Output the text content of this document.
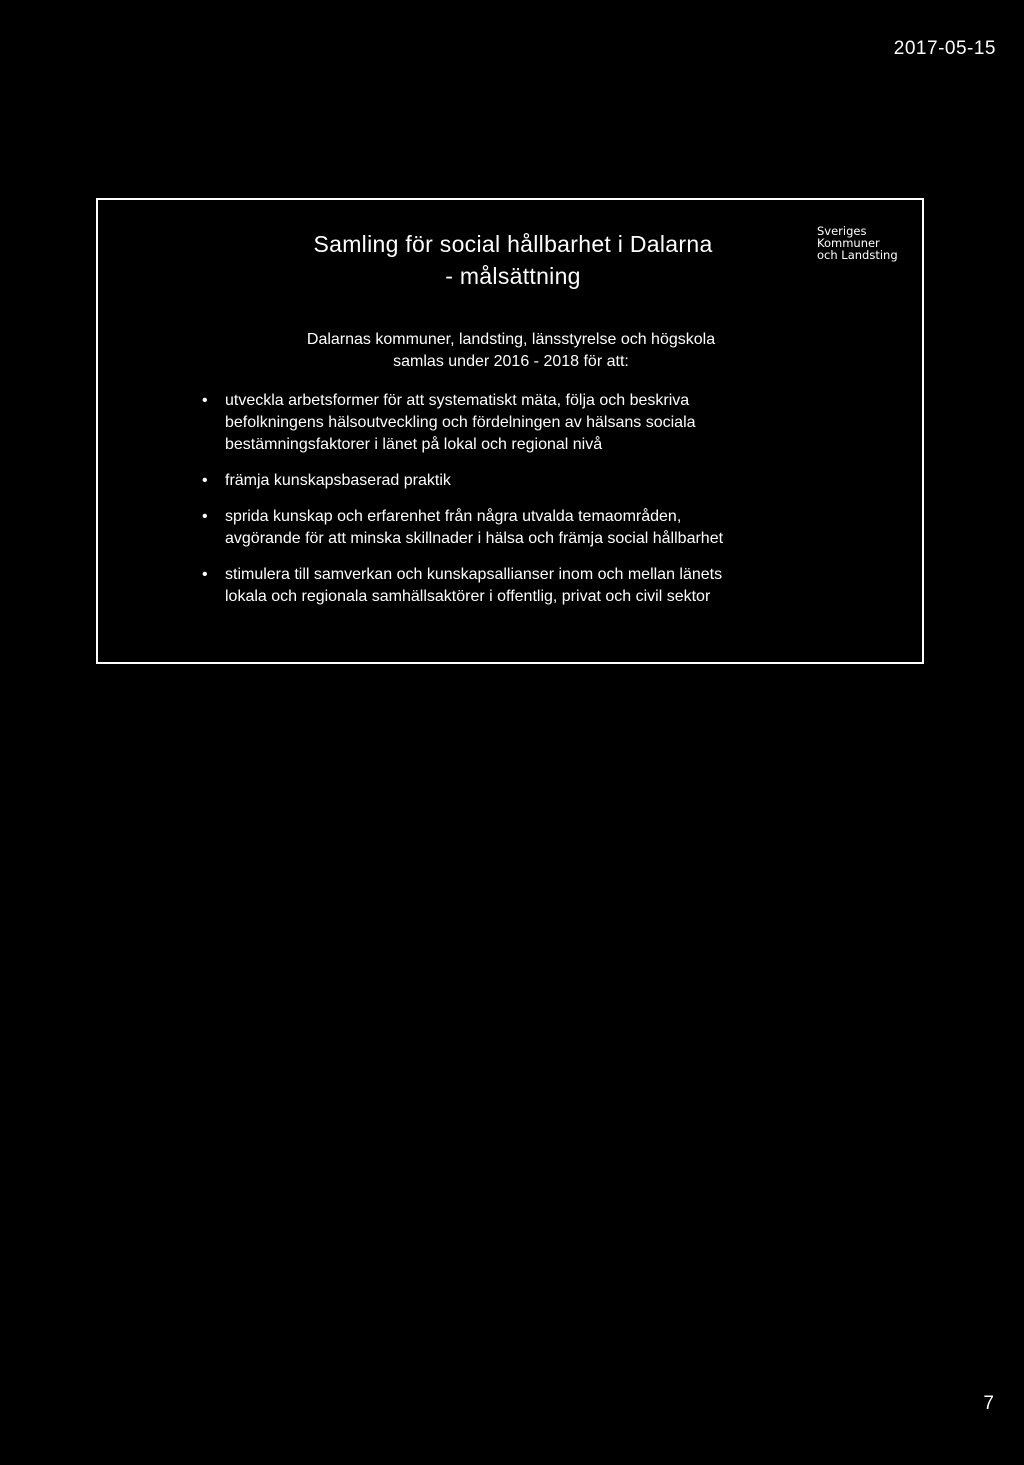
2017-05-15
Samling för social hållbarhet i Dalarna
- målsättning
Sveriges
Kommuner
och Landsting
Dalarnas kommuner, landsting, länsstyrelse och högskola
samlas under 2016 - 2018 för att:
• utveckla arbetsformer för att systematiskt mäta, följa och beskriva
befolkningens hälsoutveckling och fördelningen av hälsans sociala
bestämningsfaktorer i länet på lokal och regional nivå
• främja kunskapsbaserad praktik
• sprida kunskap och erfarenhet från några utvalda temaområden,
avgörande för att minska skillnader i hälsa och främja social hållbarhet
• stimulera till samverkan och kunskapsallianser inom och mellan länets
lokala och regionala samhällsaktörer i offentlig, privat och civil sektor
7
